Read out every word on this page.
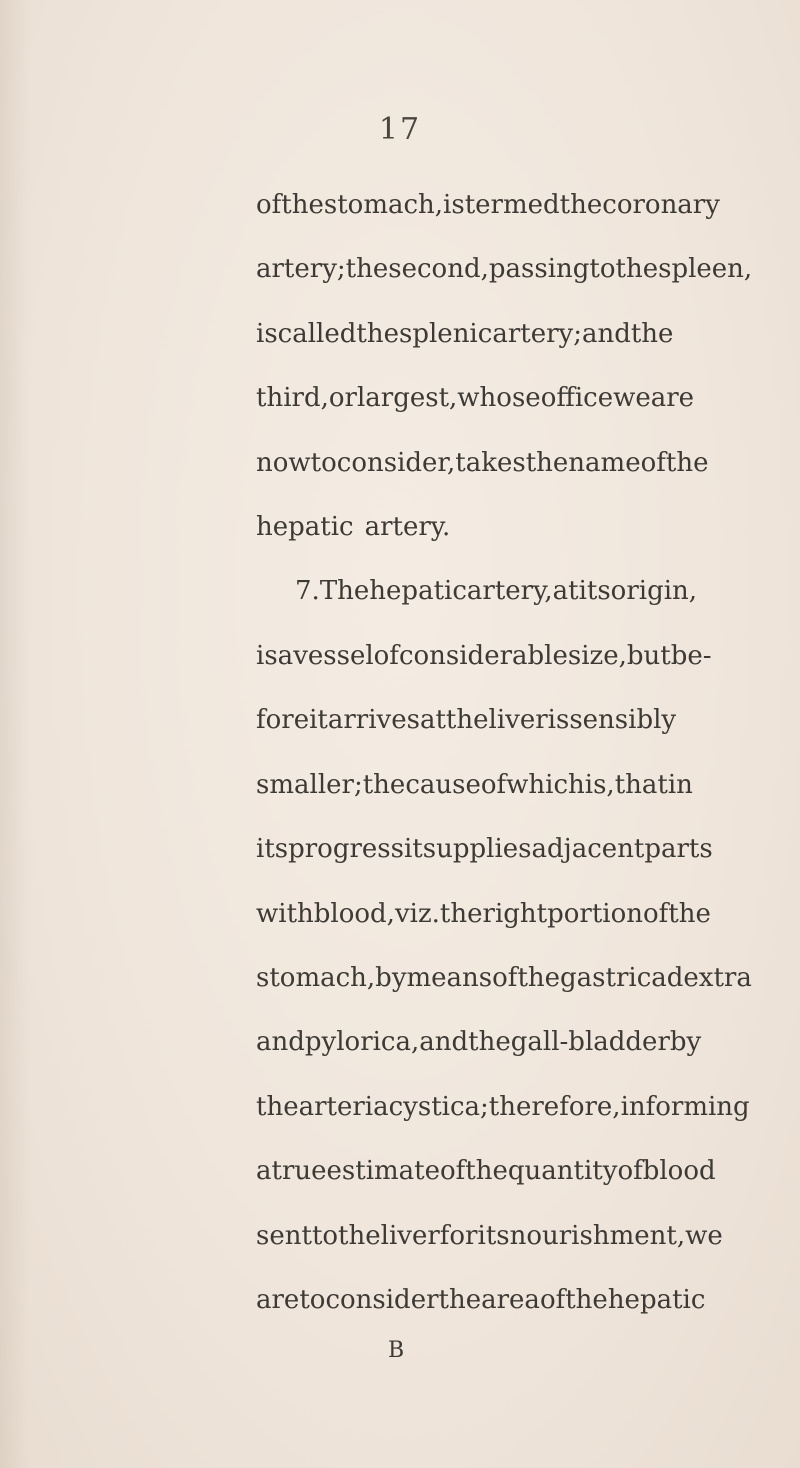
17
of the stomach, is termed the coronary
artery ; the second, passing to the spleen,
is called the splenic artery ; and the
third, or largest, whose office we are
now to consider, takes the name of the
hepatic artery.
7. The hepatic artery, at its origin,
is a vessel of considerable size, but be-
fore it arrives at the liver is sensibly
smaller ; the cause of which is, that in
its progress it supplies adjacent parts
with blood, viz. the right portion of the
stomach, by means of the gastrica dextra
and pylorica, and the gall-bladder by
the arteria cystica ; therefore, in forming
a true estimate of the quantity of blood
sent to the liver for its nourishment, we
are to consider the area of the hepatic
B
